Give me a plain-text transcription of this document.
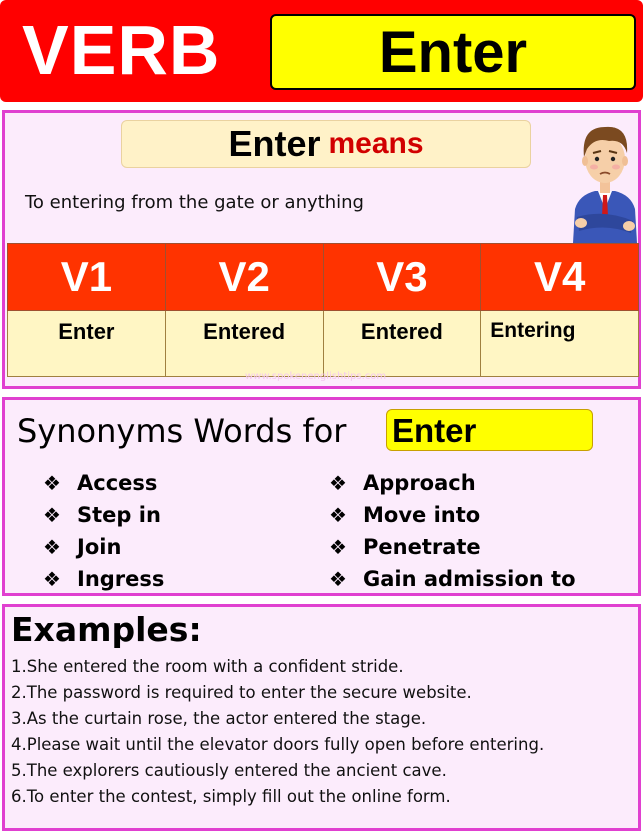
VERB	Enter
Enter means
To entering from the gate or anything
V1	V2	V3	V4
Enter	Entered	Entered	Entering
www.spokenenglishtips.com
Synonyms Words for Enter
❖ Access
❖ Step in
❖ Join
❖ Ingress
❖ Approach
❖ Move into
❖ Penetrate
❖ Gain admission to
Examples:
1.She entered the room with a confident stride.
2.The password is required to enter the secure website.
3.As the curtain rose, the actor entered the stage.
4.Please wait until the elevator doors fully open before entering.
5.The explorers cautiously entered the ancient cave.
6.To enter the contest, simply fill out the online form.
